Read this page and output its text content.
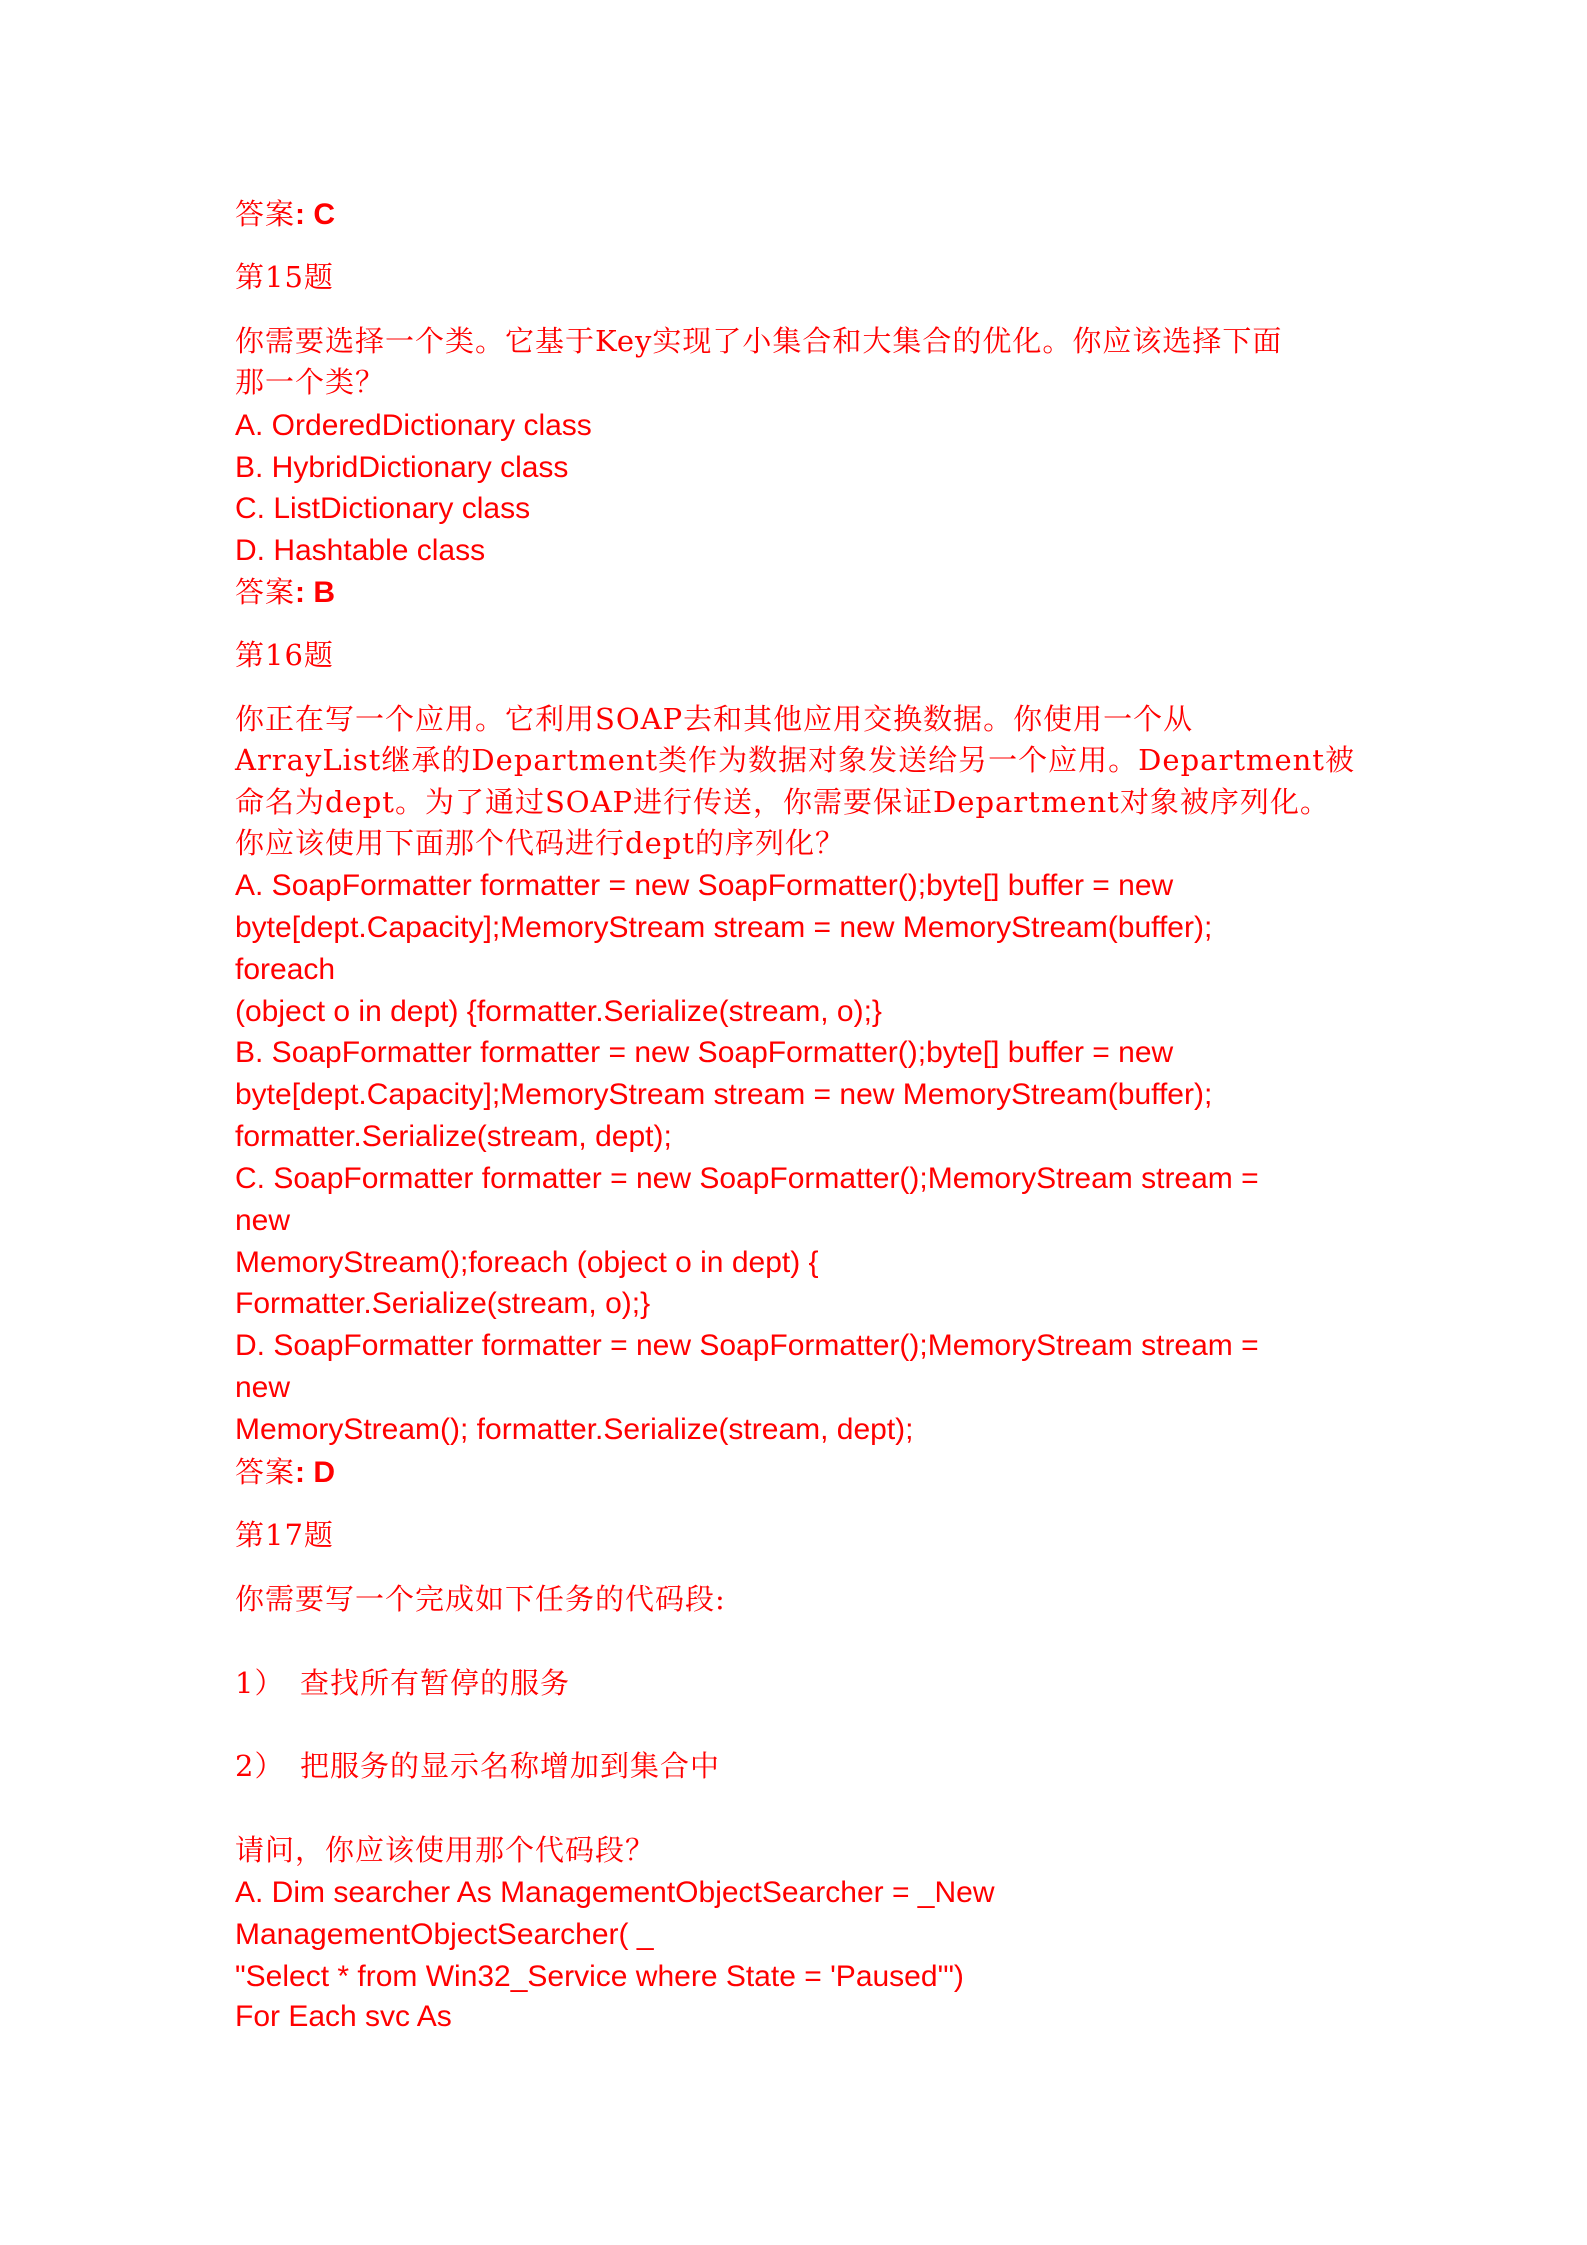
答案: C
第15题
你需要选择一个类。它基于Key实现了小集合和大集合的优化。你应该选择下面
那一个类？
A. OrderedDictionary class
B. HybridDictionary class
C. ListDictionary class
D. Hashtable class
答案: B
第16题
你正在写一个应用。它利用SOAP去和其他应用交换数据。你使用一个从
ArrayList继承的Department类作为数据对象发送给另一个应用。Department被
命名为dept。为了通过SOAP进行传送，你需要保证Department对象被序列化。
你应该使用下面那个代码进行dept的序列化？
A. SoapFormatter formatter = new SoapFormatter();byte[] buffer = new
byte[dept.Capacity];MemoryStream stream = new MemoryStream(buffer);
foreach
(object o in dept) {formatter.Serialize(stream, o);}
B. SoapFormatter formatter = new SoapFormatter();byte[] buffer = new
byte[dept.Capacity];MemoryStream stream = new MemoryStream(buffer);
formatter.Serialize(stream, dept);
C. SoapFormatter formatter = new SoapFormatter();MemoryStream stream =
new
MemoryStream();foreach (object o in dept) {
Formatter.Serialize(stream, o);}
D. SoapFormatter formatter = new SoapFormatter();MemoryStream stream =
new
MemoryStream(); formatter.Serialize(stream, dept);
答案: D
第17题
你需要写一个完成如下任务的代码段:
1）　查找所有暂停的服务
2）　把服务的显示名称增加到集合中
请问，你应该使用那个代码段？
A. Dim searcher As ManagementObjectSearcher = _New
ManagementObjectSearcher( _
"Select * from Win32_Service where State = 'Paused'")
For Each svc As
